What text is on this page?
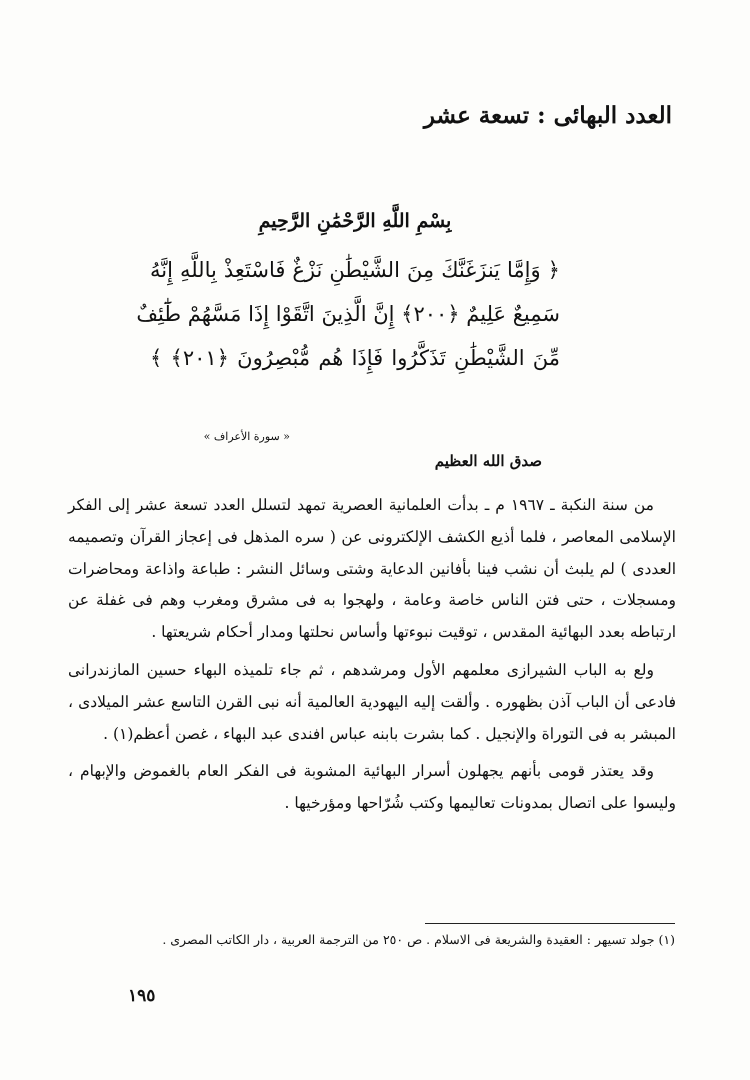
العدد البهائى : تسعة عشر
بِسْمِ اللَّهِ الرَّحْمَٰنِ الرَّحِيمِ
﴿ وَإِمَّا يَنزَغَنَّكَ مِنَ الشَّيْطَٰنِ نَزْغٌ فَاسْتَعِذْ بِاللَّهِ إِنَّهُ
سَمِيعٌ عَلِيمٌ ﴿٢٠٠﴾ إِنَّ الَّذِينَ اتَّقَوْا إِذَا مَسَّهُمْ طَٰٓئِفٌ
مِّنَ الشَّيْطَٰنِ تَذَكَّرُوا فَإِذَا هُم مُّبْصِرُونَ ﴿٢٠١﴾ ﴾
« سورة الأعراف »
صدق الله العظيم

من سنة النكبة ـ ١٩٦٧ م ـ بدأت العلمانية العصرية تمهد لتسلل العدد تسعة عشر إلى الفكر الإسلامى المعاصر ، فلما أذيع الكشف الإلكترونى عن ( سره المذهل فى إعجاز القرآن وتصميمه العددى ) لم يلبث أن نشب فينا بأفانين الدعاية وشتى وسائل النشر : طباعة واذاعة ومحاضرات ومسجلات ، حتى فتن الناس خاصة وعامة ، ولهجوا به فى مشرق ومغرب وهم فى غفلة عن ارتباطه بعدد البهائية المقدس ، توقيت نبوءتها وأساس نحلتها ومدار أحكام شريعتها .

ولع به الباب الشيرازى معلمهم الأول ومرشدهم ، ثم جاء تلميذه البهاء حسين المازندرانى فادعى أن الباب آذن بظهوره . وألقت إليه اليهودية العالمية أنه نبى القرن التاسع عشر الميلادى ، المبشر به فى التوراة والإنجيل . كما بشرت بابنه عباس افندى عبد البهاء ، غصن أعظم(١) .

وقد يعتذر قومى بأنهم يجهلون أسرار البهائية المشوبة فى الفكر العام بالغموض والإبهام ، وليسوا على اتصال بمدونات تعاليمها وكتب شُرّاحها ومؤرخيها .

(١) جولد تسيهر : العقيدة والشريعة فى الاسلام . ص ٢٥٠ من الترجمة العربية ، دار الكاتب المصرى .
١٩٥
